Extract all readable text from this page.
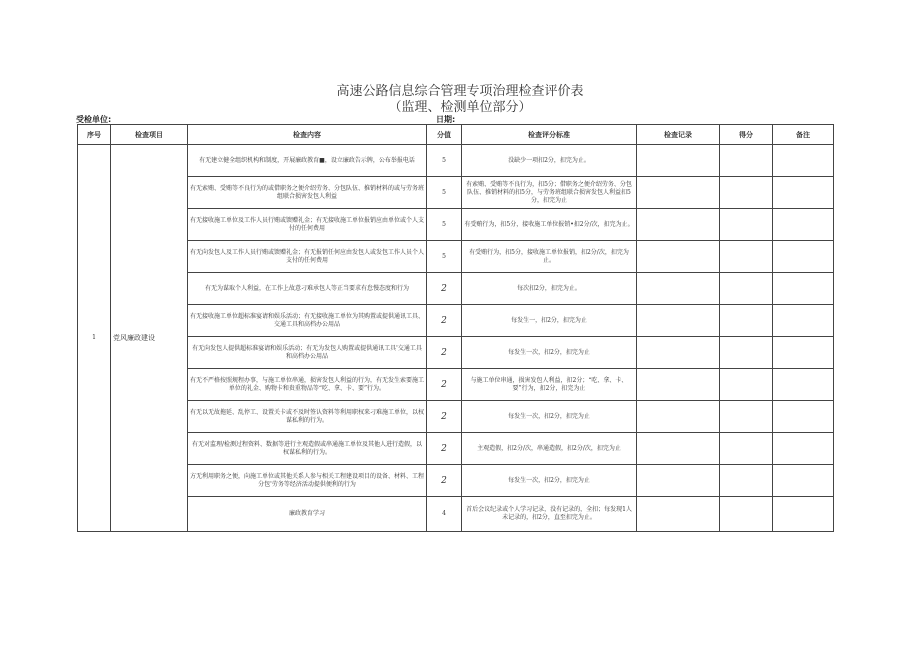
高速公路信息综合管理专项治理检查评价表
（监理、检测单位部分）
受检单位:	日期:
序号	检查项目	检查内容	分值	检查评分标准	检查记录	得分	备注
1	党风廉政建设	有无建立健全组织机构和制度，开展廉政教育■，设立廉政告示牌，公布举报电话	5	没缺少一项扣2分，扣完为止。			
		有无索贿、受贿等不良行为的或借职务之便介绍劳务、分包队伍、推销材料的或与劳务班组联合损害发包人利益	5	有索贿、受贿等不良行为，扣5分；借职务之便介绍劳务、分包队伍、推销材料的扣5分，与劳务班组联合损害发包人利益扣5分，扣完为止			
		有无接收施工单位及工作人员行贿或馈赠礼金；有无接收施工单位报销应由单位或个人支付的任何费用	5	有受贿行为，扣5分，接收施工单位报销•扣2分/次，扣完为止。			
		有无向发包人及工作人员行贿或馈赠礼金；有无报销任何应由发包人或发包工作人员个人支付的任何费用	5	有受贿行为，扣5分，接收施工单位报销，扣2分/次，扣完为止。			
		有无为谋取个人利益，在工作上故意刁难承包人等正当要求有怠慢态度和行为	2	每次扣2分，扣完为止。			
		有无接收施工单位超标准宴请和娱乐活动；有无接收施工单位为其购置或提供通讯工具、交通工具和高档办公用品	2	每发生一，扣2分，扣完为止			
		有无向发包人提供超标准宴请和娱乐活动；有无为发包人购置或提供通讯工具'交通工具和高档办公用品	2	每发生一次，扣2分，扣完为止			
		有无不严格按照规程办事，与施工单位串通，损害发包人利益的行为，有无发生索要施工单位的礼金、购物卡和贵重物品等“吃、拿、卡、要”行为。	2	与施工单位串通，损害发包人利益，扣2分；“吃、拿、卡、要”行为，扣2分，扣完为止			
		有无以无故拖延、乱停工、设置关卡或不及时签认资料等利用职权来刁难施工单位，以权谋私利的行为。	2	每发生一次，扣2分，扣完为止			
		有无对监理/检测过程资料、数据等进行主观造假或串通施工单位及其他人进行造假，以权谋私利的行为。	2	主观造假，扣2分/次，串通造假，扣2分/次，扣完为止			
		方无利用职务之便，向施工单位或其他关系人参与相关工程建设项目的设备、材料、工程分包'劳务等经济活动提供便利的行为	2	每发生一次，扣2分，扣完为止			
		廉政教育学习	4	首后会议纪录或个人学习记录，没有记录的，全扣；每发现1人未记录的，扣2分，直至扣完为止。			
